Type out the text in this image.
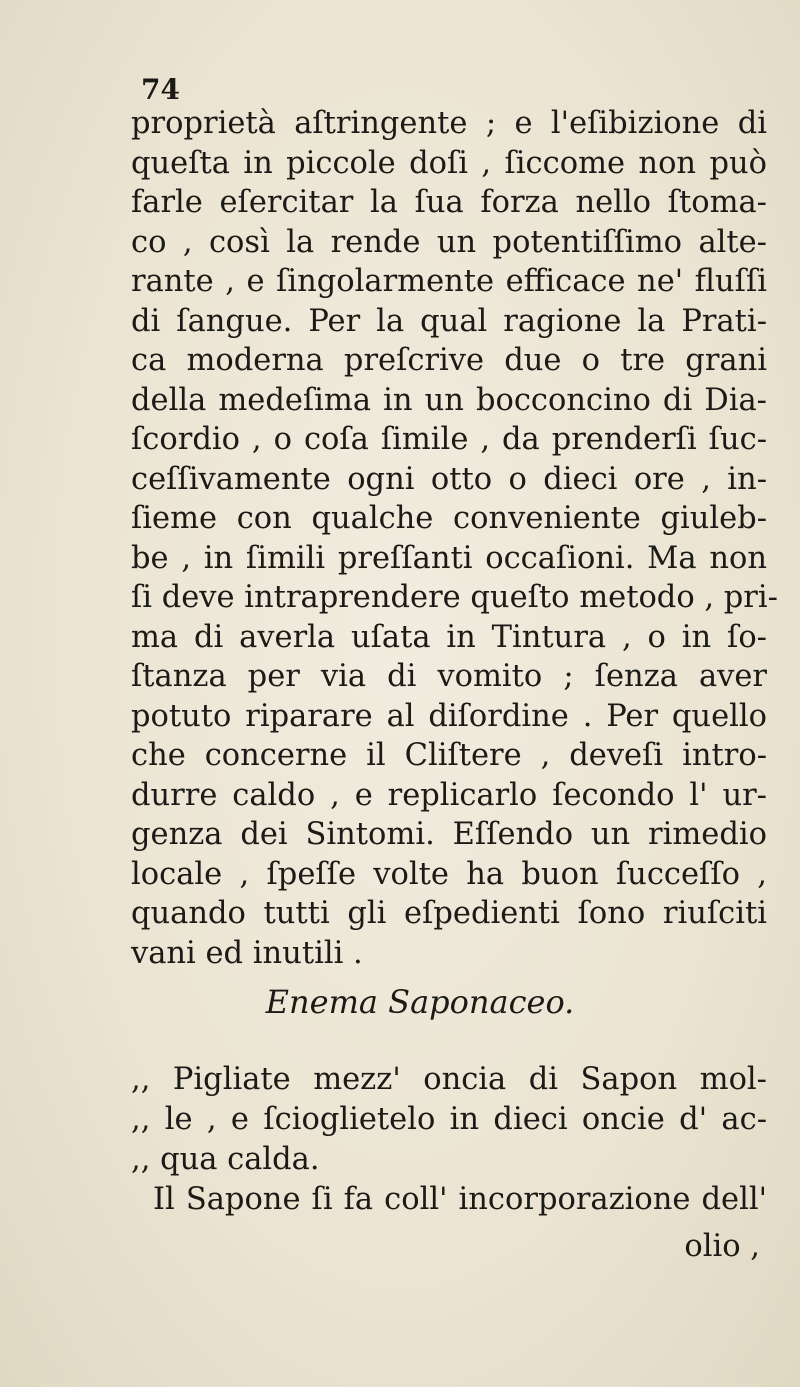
74
proprietà aſtringente ; e l'eſibizione di
queſta in piccole doſi , ſiccome non può
farle eſercitar la ſua forza nello ſtoma-
co , così la rende un potentiſſimo alte-
rante , e ſingolarmente efficace ne' fluſſi
di ſangue. Per la qual ragione la Prati-
ca moderna preſcrive due o tre grani
della medeſima in un bocconcino di Dia-
ſcordio , o coſa ſimile , da prenderſi ſuc-
ceſſivamente ogni otto o dieci ore , in-
ſieme con qualche conveniente giuleb-
be , in ſimili preſſanti occaſioni. Ma non
ſi deve intraprendere queſto metodo , pri-
ma di averla uſata in Tintura , o in ſo-
ſtanza per via di vomito ; ſenza aver
potuto riparare al diſordine . Per quello
che concerne il Cliſtere , deveſi intro-
durre caldo , e replicarlo ſecondo l' ur-
genza dei Sintomi. Eſſendo un rimedio
locale , ſpeſſe volte ha buon ſucceſſo ,
quando tutti gli eſpedienti ſono riuſciti
vani ed inutili .
Enema Saponaceo.
,, Pigliate mezz' oncia di Sapon mol-
,, le , e ſcioglietelo in dieci oncie d' ac-
,, qua calda.
Il Sapone ſi fa coll' incorporazione dell'
olio ,
